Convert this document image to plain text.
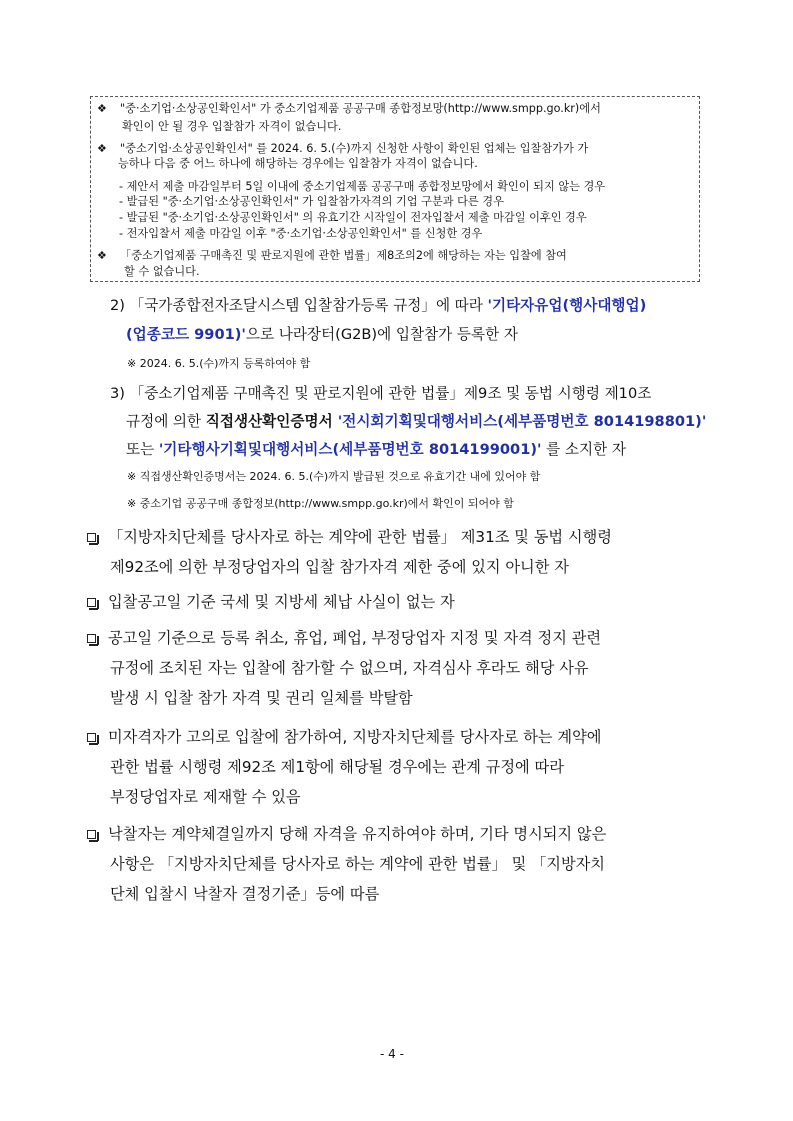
❖ "중·소기업·소상공인확인서" 가 중소기업제품 공공구매 종합정보망(http://www.smpp.go.kr)에서
확인이 안 될 경우 입찰참가 자격이 없습니다.
❖ "중소기업·소상공인확인서" 를 2024. 6. 5.(수)까지 신청한 사항이 확인된 업체는 입찰참가가 가
능하나 다음 중 어느 하나에 해당하는 경우에는 입찰참가 자격이 없습니다.
- 제안서 제출 마감일부터 5일 이내에 중소기업제품 공공구매 종합정보망에서 확인이 되지 않는 경우
- 발급된 "중·소기업·소상공인확인서" 가 입찰참가자격의 기업 구분과 다른 경우
- 발급된 "중·소기업·소상공인확인서" 의 유효기간 시작일이 전자입찰서 제출 마감일 이후인 경우
- 전자입찰서 제출 마감일 이후 "중·소기업·소상공인확인서" 를 신청한 경우
❖ 「중소기업제품 구매촉진 및 판로지원에 관한 법률」제8조의2에 해당하는 자는 입찰에 참여
할 수 없습니다.
2) 「국가종합전자조달시스템 입찰참가등록 규정」에 따라 '기타자유업(행사대행업)
(업종코드 9901)'으로 나라장터(G2B)에 입찰참가 등록한 자
※ 2024. 6. 5.(수)까지 등록하여야 함
3) 「중소기업제품 구매촉진 및 판로지원에 관한 법률」제9조 및 동법 시행령 제10조
규정에 의한 직접생산확인증명서 '전시회기획및대행서비스(세부품명번호 8014198801)'
또는 '기타행사기획및대행서비스(세부품명번호 8014199001)' 를 소지한 자
※ 직접생산확인증명서는 2024. 6. 5.(수)까지 발급된 것으로 유효기간 내에 있어야 함
※ 중소기업 공공구매 종합정보(http://www.smpp.go.kr)에서 확인이 되어야 함
「지방자치단체를 당사자로 하는 계약에 관한 법률」 제31조 및 동법 시행령
제92조에 의한 부정당업자의 입찰 참가자격 제한 중에 있지 아니한 자
입찰공고일 기준 국세 및 지방세 체납 사실이 없는 자
공고일 기준으로 등록 취소, 휴업, 폐업, 부정당업자 지정 및 자격 정지 관련
규정에 조치된 자는 입찰에 참가할 수 없으며, 자격심사 후라도 해당 사유
발생 시 입찰 참가 자격 및 권리 일체를 박탈함
미자격자가 고의로 입찰에 참가하여, 지방자치단체를 당사자로 하는 계약에
관한 법률 시행령 제92조 제1항에 해당될 경우에는 관계 규정에 따라
부정당업자로 제재할 수 있음
낙찰자는 계약체결일까지 당해 자격을 유지하여야 하며, 기타 명시되지 않은
사항은 「지방자치단체를 당사자로 하는 계약에 관한 법률」 및 「지방자치
단체 입찰시 낙찰자 결정기준」등에 따름
- 4 -
